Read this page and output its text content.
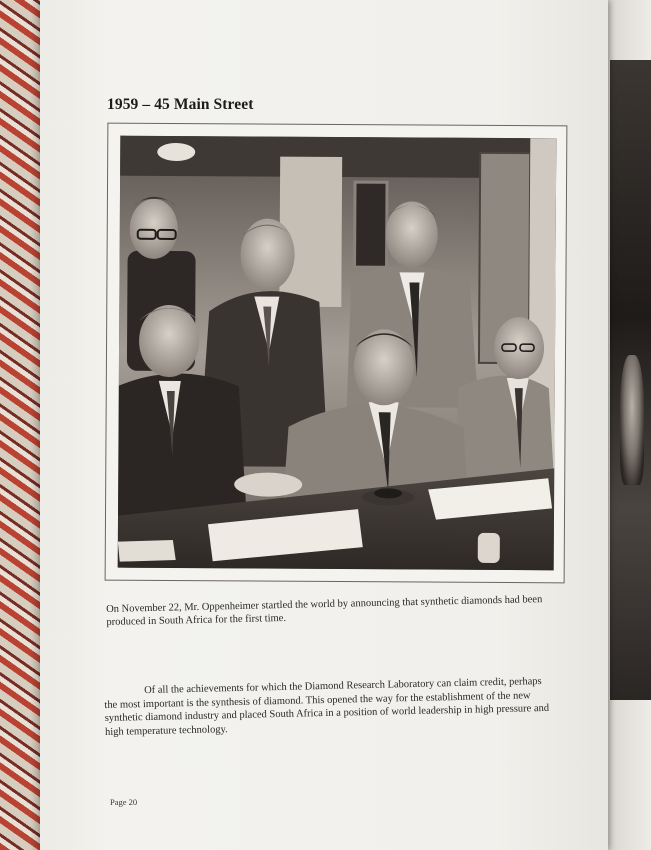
1959 – 45 Main Street
On November 22, Mr. Oppenheimer startled the world by announcing that synthetic diamonds had been produced in South Africa for the first time.
Of all the achievements for which the Diamond Research Laboratory can claim credit, perhaps the most important is the synthesis of diamond. This opened the way for the establishment of the new synthetic diamond industry and placed South Africa in a position of world leadership in high pressure and high temperature technology.
Page 20
